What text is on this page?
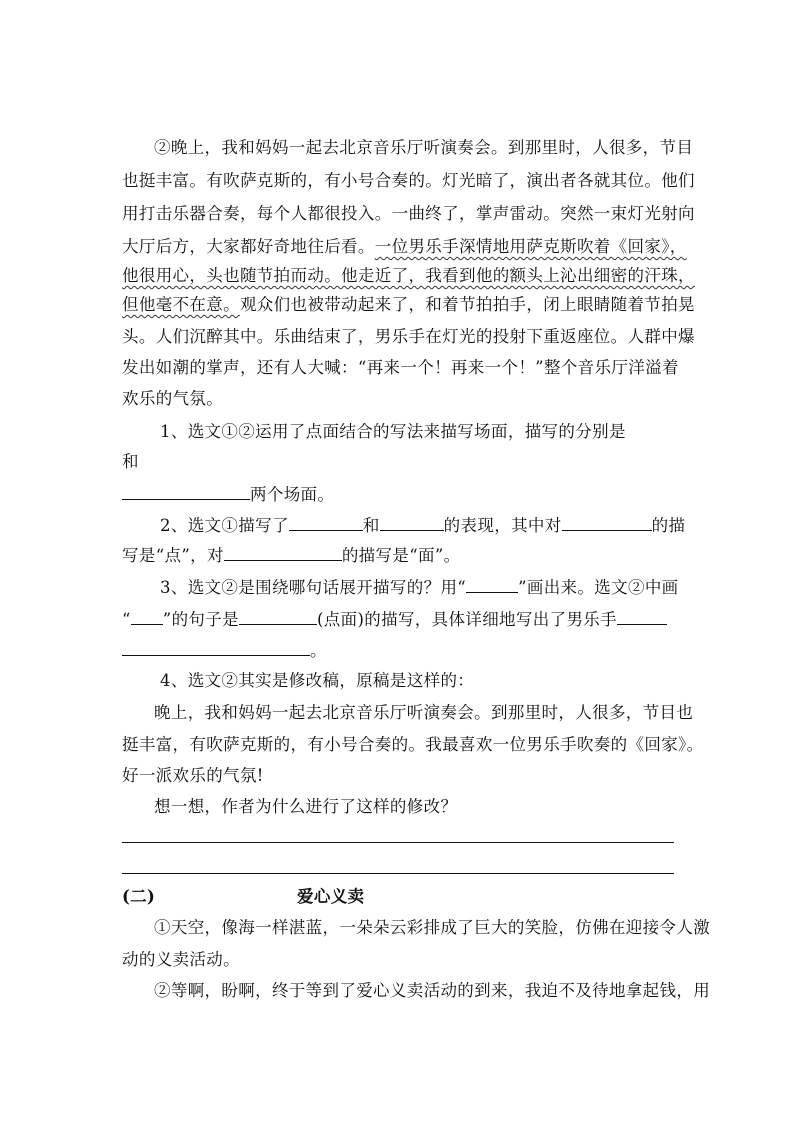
②晚上，我和妈妈一起去北京音乐厅听演奏会。到那里时，人很多，节目
也挺丰富。有吹萨克斯的，有小号合奏的。灯光暗了，演出者各就其位。他们
用打击乐器合奏，每个人都很投入。一曲终了，掌声雷动。突然一束灯光射向
大厅后方，大家都好奇地往后看。一位男乐手深情地用萨克斯吹着《回家》，
他很用心，头也随节拍而动。他走近了，我看到他的额头上沁出细密的汗珠，
但他毫不在意。观众们也被带动起来了，和着节拍拍手，闭上眼睛随着节拍晃
头。人们沉醉其中。乐曲结束了，男乐手在灯光的投射下重返座位。人群中爆
发出如潮的掌声，还有人大喊：“再来一个！再来一个！”整个音乐厅洋溢着
欢乐的气氛。
1、选文①②运用了点面结合的写法来描写场面，描写的分别是
和
两个场面。
2、选文①描写了	和	的表现，其中对	的描
写是“点”，对	的描写是“面”。
3、选文②是围绕哪句话展开描写的？用“	”画出来。选文②中画
“ ”的句子是	(点面)的描写，具体详细地写出了男乐手
。
4、选文②其实是修改稿，原稿是这样的：
晚上，我和妈妈一起去北京音乐厅听演奏会。到那里时，人很多，节目也
挺丰富，有吹萨克斯的，有小号合奏的。我最喜欢一位男乐手吹奏的《回家》。
好一派欢乐的气氛!
想一想，作者为什么进行了这样的修改？
(二)	爱心义卖
①天空，像海一样湛蓝，一朵朵云彩排成了巨大的笑脸，仿佛在迎接令人激
动的义卖活动。
②等啊，盼啊，终于等到了爱心义卖活动的到来，我迫不及待地拿起钱，用
